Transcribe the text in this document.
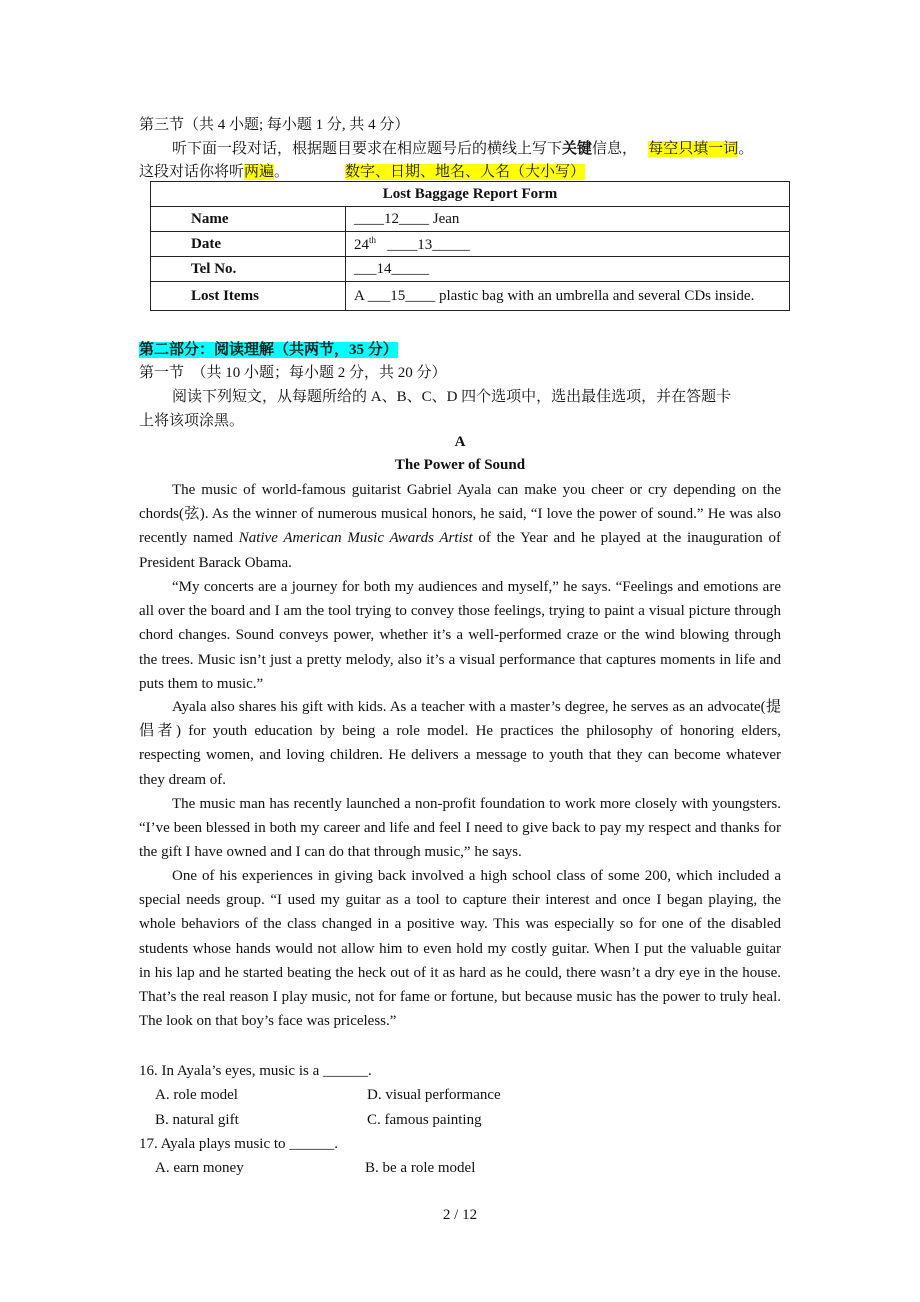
第三节（共 4 小题; 每小题 1 分, 共 4 分）
听下面一段对话，根据题目要求在相应题号后的横线上写下关键信息， 每空只填一词。
这段对话你将听两遍。	数字、日期、地名、人名（大小写）
Lost Baggage Report Form	
Name	____12____ Jean
Date	24th ____13_____
Tel No.	___14_____
Lost Items	A ___15____ plastic bag with an umbrella and several CDs inside.
第二部分：阅读理解（共两节，35 分）
第一节　（共 10 小题；每小题 2 分，共 20 分）
阅读下列短文，从每题所给的 A、B、C、D 四个选项中，选出最佳选项，并在答题卡
上将该项涂黑。
A
The Power of Sound
The music of world-famous guitarist Gabriel Ayala can make you cheer or cry depending on the chords(弦). As the winner of numerous musical honors, he said, “I love the power of sound.” He was also recently named Native American Music Awards Artist of the Year and he played at the inauguration of President Barack Obama.
“My concerts are a journey for both my audiences and myself,” he says. “Feelings and emotions are all over the board and I am the tool trying to convey those feelings, trying to paint a visual picture through chord changes. Sound conveys power, whether it’s a well-performed craze or the wind blowing through the trees. Music isn’t just a pretty melody, also it’s a visual performance that captures moments in life and puts them to music.”
Ayala also shares his gift with kids. As a teacher with a master’s degree, he serves as an advocate(提倡者) for youth education by being a role model. He practices the philosophy of honoring elders, respecting women, and loving children. He delivers a message to youth that they can become whatever they dream of.
The music man has recently launched a non-profit foundation to work more closely with youngsters. “I’ve been blessed in both my career and life and feel I need to give back to pay my respect and thanks for the gift I have owned and I can do that through music,” he says.
One of his experiences in giving back involved a high school class of some 200, which included a special needs group. “I used my guitar as a tool to capture their interest and once I began playing, the whole behaviors of the class changed in a positive way. This was especially so for one of the disabled students whose hands would not allow him to even hold my costly guitar. When I put the valuable guitar in his lap and he started beating the heck out of it as hard as he could, there wasn’t a dry eye in the house. That’s the real reason I play music, not for fame or fortune, but because music has the power to truly heal. The look on that boy’s face was priceless.”
16. In Ayala’s eyes, music is a ______.
A. role model	D. visual performance
B. natural gift	C. famous painting
17. Ayala plays music to ______.
A. earn money	B. be a role model
2 / 12
